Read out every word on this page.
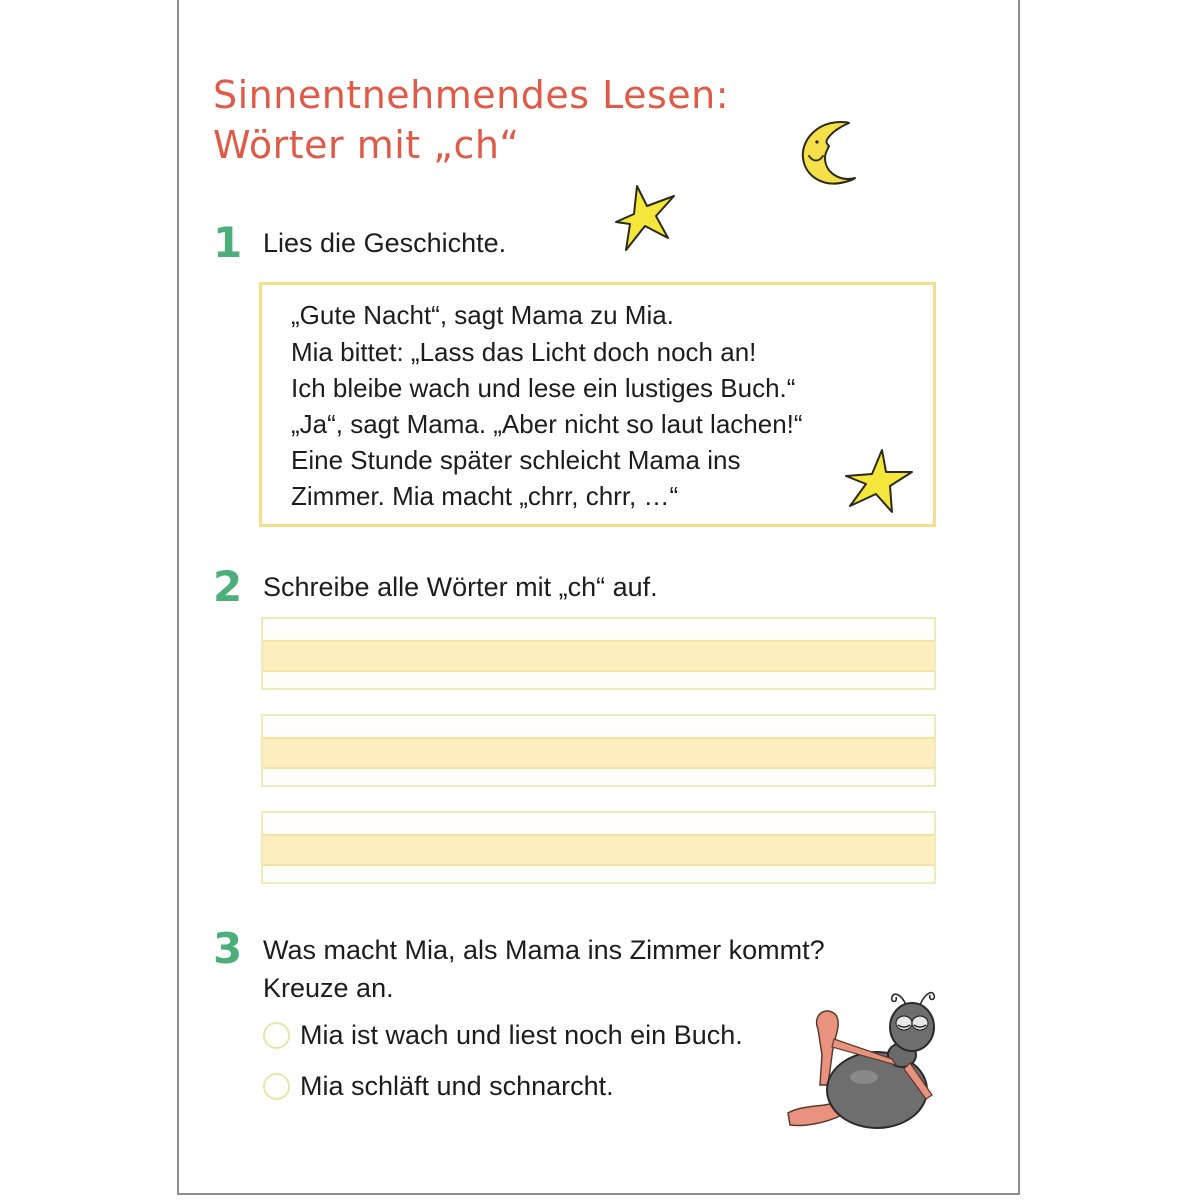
Sinnentnehmendes Lesen:
Wörter mit „ch“
1 Lies die Geschichte.
„Gute Nacht“, sagt Mama zu Mia.
Mia bittet: „Lass das Licht doch noch an!
Ich bleibe wach und lese ein lustiges Buch.“
„Ja“, sagt Mama. „Aber nicht so laut lachen!“
Eine Stunde später schleicht Mama ins
Zimmer. Mia macht „chrr, chrr, …“
2 Schreibe alle Wörter mit „ch“ auf.
3 Was macht Mia, als Mama ins Zimmer kommt?
Kreuze an.
Mia ist wach und liest noch ein Buch.
Mia schläft und schnarcht.
